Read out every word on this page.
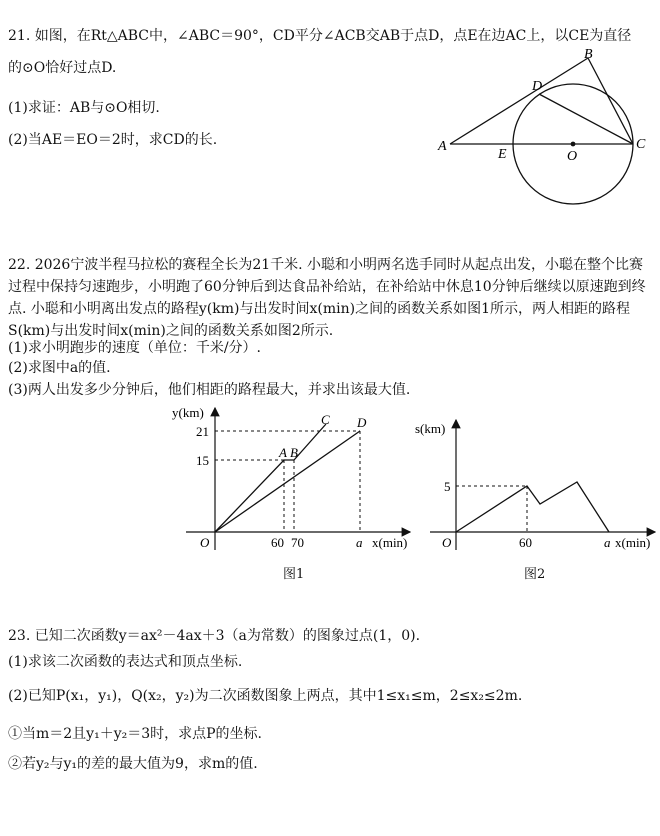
21. 如图，在Rt△ABC中，∠ABC＝90°，CD平分∠ACB交AB于点D，点E在边AC上，以CE为直径
的⊙O恰好过点D.
(1)求证：AB与⊙O相切.
(2)当AE＝EO＝2时，求CD的长.	A
B
C
D
E	O
22. 2026宁波半程马拉松的赛程全长为21千米. 小聪和小明两名选手同时从起点出发，小聪在整个比赛过程中保持匀速跑步，小明跑了60分钟后到达食品补给站，在补给站中休息10分钟后继续以原速跑到终点. 小聪和小明离出发点的路程y(km)与出发时间x(min)之间的函数关系如图1所示，两人相距的路程S(km)与出发时间x(min)之间的函数关系如图2所示.
(1)求小明跑步的速度（单位：千米/分）.
(2)求图中a的值.
(3)两人出发多少分钟后，他们相距的路程最大，并求出该最大值.
y(km)
x(min)
21
15
60 70	a
O
A B
C D
图1
s(km)
x(min)
5
60	a
O
图2
23. 已知二次函数y＝ax²－4ax＋3（a为常数）的图象过点(1，0).
(1)求该二次函数的表达式和顶点坐标.
(2)已知P(x₁，y₁)，Q(x₂，y₂)为二次函数图象上两点，其中1≤x₁≤m，2≤x₂≤2m.
①当m＝2且y₁＋y₂＝3时，求点P的坐标.
②若y₂与y₁的差的最大值为9，求m的值.
